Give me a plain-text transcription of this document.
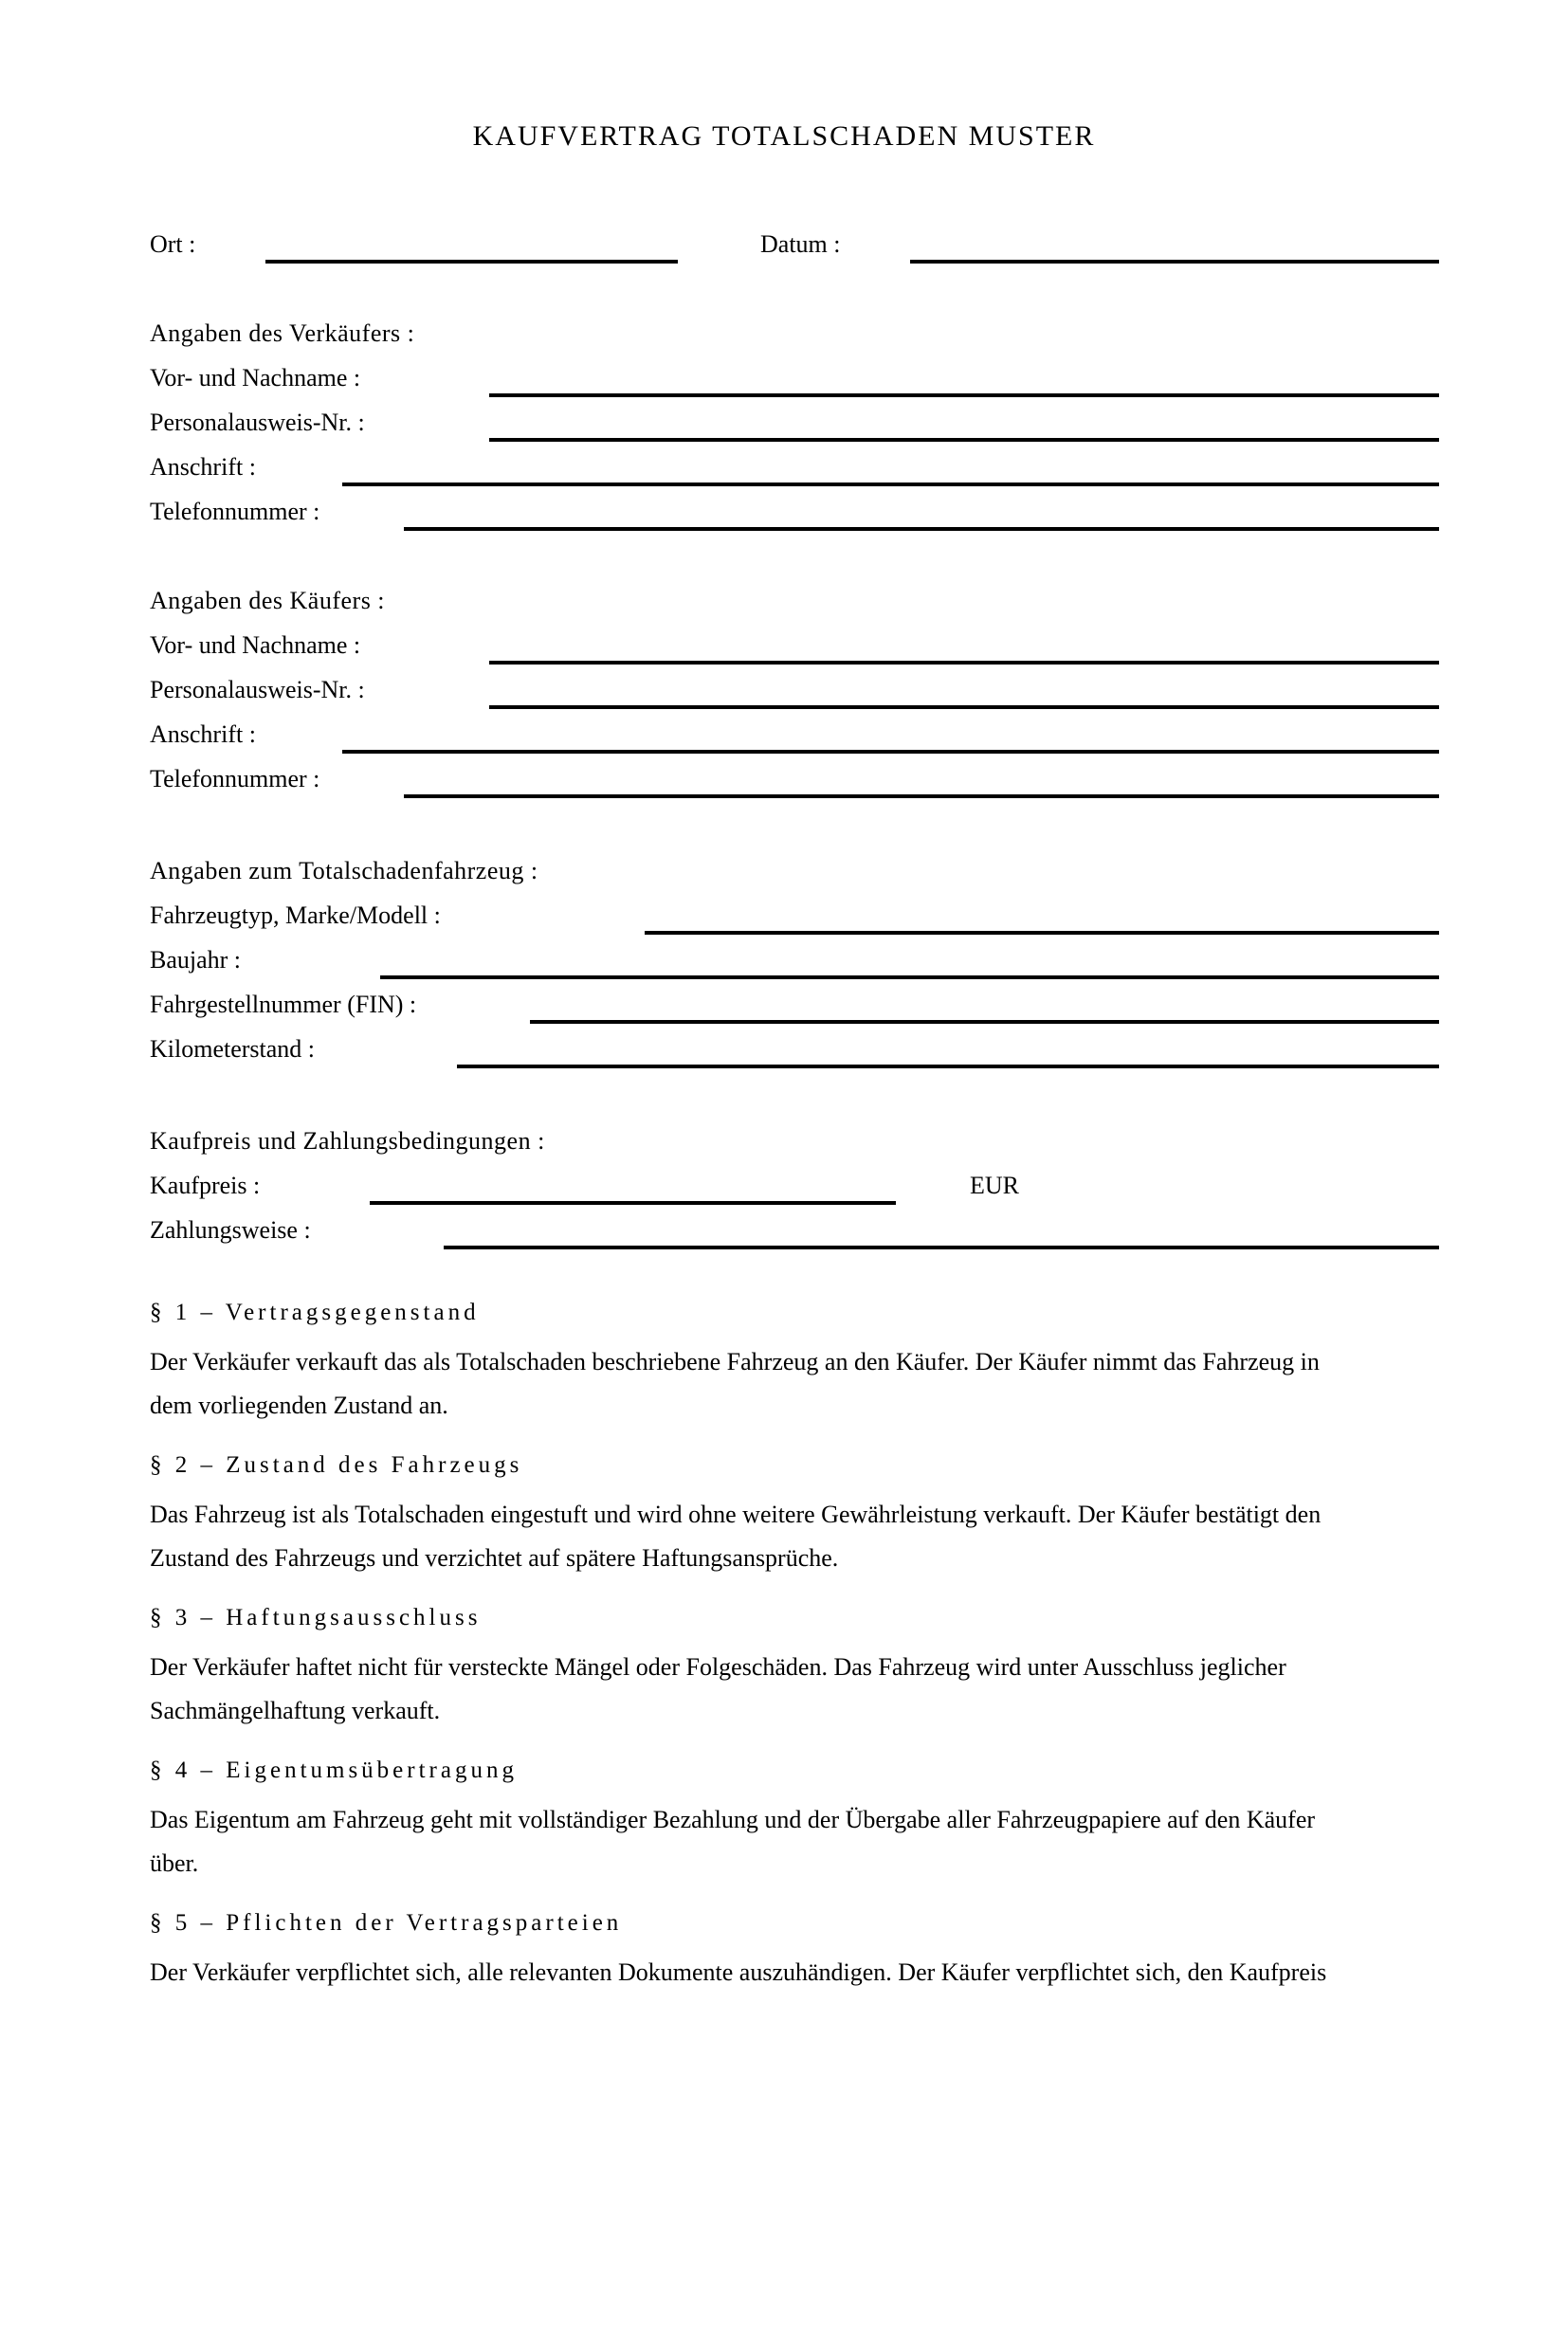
KAUFVERTRAG TOTALSCHADEN MUSTER
Ort :	Datum :
Angaben des Verkäufers :
Vor- und Nachname :
Personalausweis-Nr. :
Anschrift :
Telefonnummer :
Angaben des Käufers :
Vor- und Nachname :
Personalausweis-Nr. :
Anschrift :
Telefonnummer :
Angaben zum Totalschadenfahrzeug :
Fahrzeugtyp, Marke/Modell :
Baujahr :
Fahrgestellnummer (FIN) :
Kilometerstand :
Kaufpreis und Zahlungsbedingungen :
Kaufpreis :	EUR
Zahlungsweise :
§ 1 – Vertragsgegenstand
Der Verkäufer verkauft das als Totalschaden beschriebene Fahrzeug an den Käufer. Der Käufer nimmt das Fahrzeug in
dem vorliegenden Zustand an.
§ 2 – Zustand des Fahrzeugs
Das Fahrzeug ist als Totalschaden eingestuft und wird ohne weitere Gewährleistung verkauft. Der Käufer bestätigt den
Zustand des Fahrzeugs und verzichtet auf spätere Haftungsansprüche.
§ 3 – Haftungsausschluss
Der Verkäufer haftet nicht für versteckte Mängel oder Folgeschäden. Das Fahrzeug wird unter Ausschluss jeglicher
Sachmängelhaftung verkauft.
§ 4 – Eigentumsübertragung
Das Eigentum am Fahrzeug geht mit vollständiger Bezahlung und der Übergabe aller Fahrzeugpapiere auf den Käufer
über.
§ 5 – Pflichten der Vertragsparteien
Der Verkäufer verpflichtet sich, alle relevanten Dokumente auszuhändigen. Der Käufer verpflichtet sich, den Kaufpreis
